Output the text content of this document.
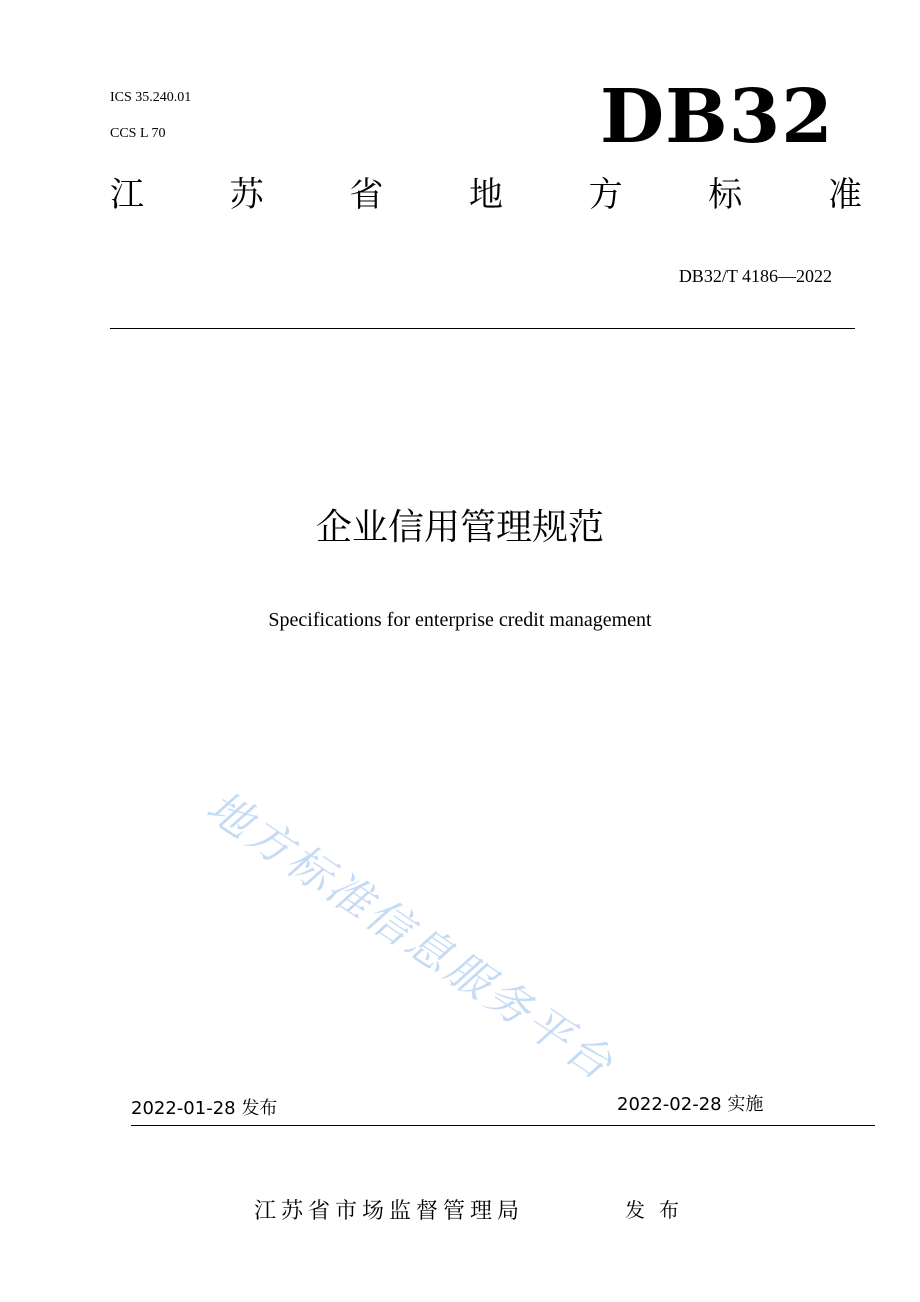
ICS 35.240.01
CCS L 70	DB32
江	苏	省	地	方	标	准
DB32/T 4186—2022
企业信用管理规范
Specifications for enterprise credit management
地方标准信息服务平台
2022-01-28 发布	2022-02-28 实施
江苏省市场监督管理局	发布
